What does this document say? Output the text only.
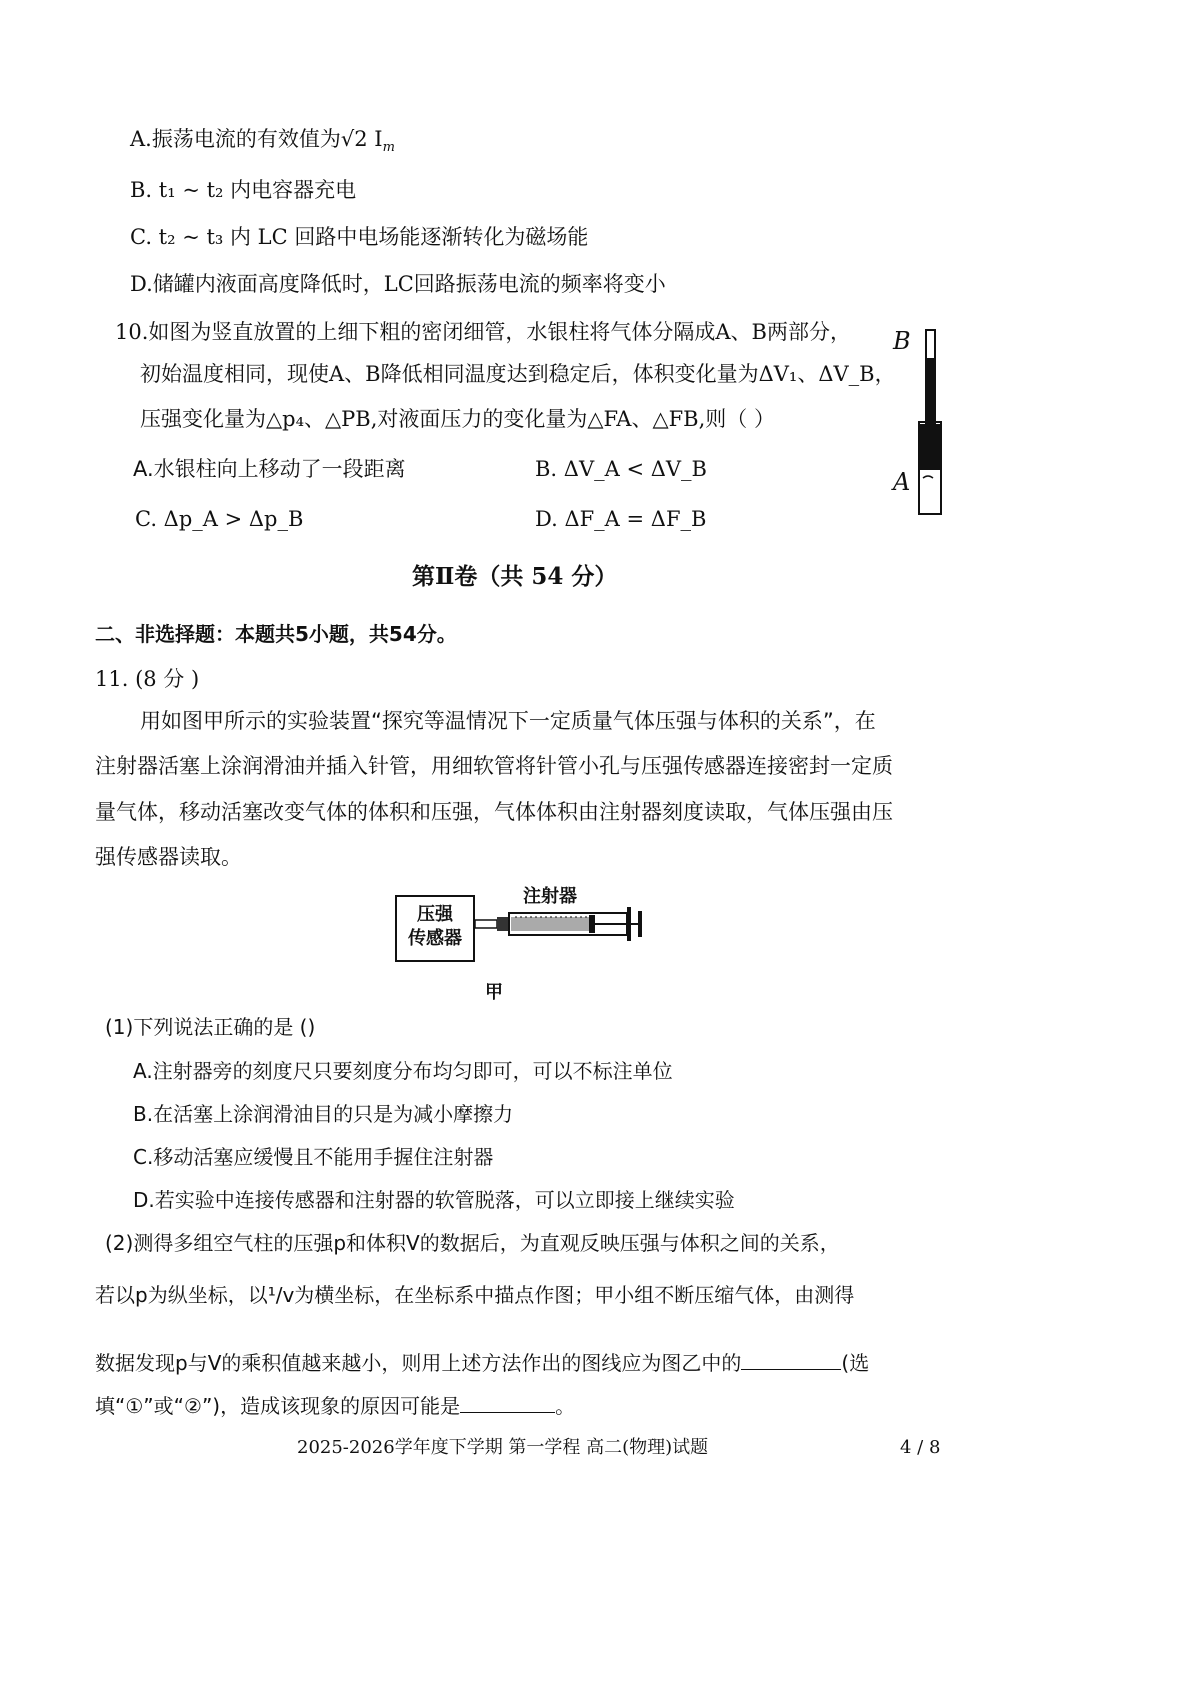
A.振荡电流的有效值为√2 $I_m$
B. t₁ ~ t₂ 内电容器充电
C. t₂ ~ t₃ 内 LC 回路中电场能逐渐转化为磁场能
D.储罐内液面高度降低时，LC回路振荡电流的频率将变小
10.如图为竖直放置的上细下粗的密闭细管，水银柱将气体分隔成A、B两部分，
初始温度相同，现使A、B降低相同温度达到稳定后，体积变化量为ΔV₁、ΔV_B，
压强变化量为△p₄、△PB,对液面压力的变化量为△FA、△FB,则（ ）
A.水银柱向上移动了一段距离	B. ΔV_A < ΔV_B
C. Δp_A > Δp_B	D. ΔF_A = ΔF_B
B
A
第Ⅱ卷（共 54 分）
二、非选择题：本题共5小题，共54分。
11. (8 分 )
用如图甲所示的实验装置“探究等温情况下一定质量气体压强与体积的关系”，在
注射器活塞上涂润滑油并插入针管，用细软管将针管小孔与压强传感器连接密封一定质
量气体，移动活塞改变气体的体积和压强，气体体积由注射器刻度读取，气体压强由压
强传感器读取。
压强
传感器
注射器
甲
(1)下列说法正确的是 ()
A.注射器旁的刻度尺只要刻度分布均匀即可，可以不标注单位
B.在活塞上涂润滑油目的只是为减小摩擦力
C.移动活塞应缓慢且不能用手握住注射器
D.若实验中连接传感器和注射器的软管脱落，可以立即接上继续实验
(2)测得多组空气柱的压强p和体积V的数据后，为直观反映压强与体积之间的关系，
若以p为纵坐标，以¹/v为横坐标，在坐标系中描点作图；甲小组不断压缩气体，由测得
数据发现p与V的乘积值越来越小，则用上述方法作出的图线应为图乙中的	(选
填“①”或“②”)，造成该现象的原因可能是	。
2025-2026学年度下学期 第一学程 高二(物理)试题	4 / 8
